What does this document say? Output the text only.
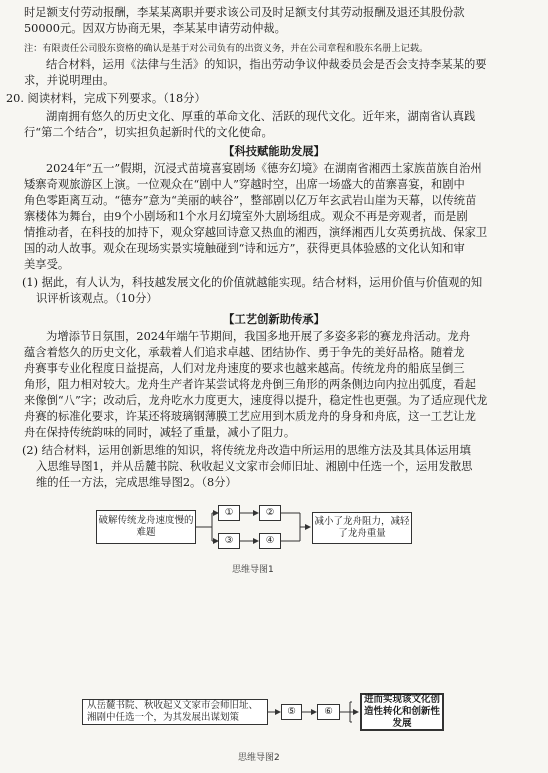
时足额支付劳动报酬，李某某离职并要求该公司及时足额支付其劳动报酬及退还其股份款
50000元。因双方协商无果，李某某申请劳动仲裁。
注：有限责任公司股东资格的确认是基于对公司负有的出资义务，并在公司章程和股东名册上记载。
结合材料，运用《法律与生活》的知识，指出劳动争议仲裁委员会是否会支持李某某的要
求，并说明理由。
20. 阅读材料，完成下列要求。（18分）
湖南拥有悠久的历史文化、厚重的革命文化、活跃的现代文化。近年来，湖南省认真践
行“第二个结合”，切实担负起新时代的文化使命。
【科技赋能助发展】
2024年“五一”假期，沉浸式苗境喜宴剧场《德夯幻境》在湖南省湘西土家族苗族自治州
矮寨奇观旅游区上演。一位观众在“剧中人”穿越时空，出席一场盛大的苗寨喜宴，和剧中
角色零距离互动。“德夯”意为“美丽的峡谷”，整部剧以亿万年玄武岩山崖为天幕，以传统苗
寨楼体为舞台，由9个小剧场和1个水月幻境室外大剧场组成。观众不再是旁观者，而是剧
情推动者，在科技的加持下，观众穿越回诗意又热血的湘西，演绎湘西儿女英勇抗战、保家卫
国的动人故事。观众在现场实景实境触碰到“诗和远方”，获得更具体验感的文化认知和审
美享受。
(1) 据此，有人认为，科技越发展文化的价值就越能实现。结合材料，运用价值与价值观的知
识评析该观点。（10分）
【工艺创新助传承】
为增添节日氛围，2024年端午节期间，我国多地开展了多姿多彩的赛龙舟活动。龙舟
蕴含着悠久的历史文化，承载着人们追求卓越、团结协作、勇于争先的美好品格。随着龙
舟赛事专业化程度日益提高，人们对龙舟速度的要求也越来越高。传统龙舟的船底呈倒三
角形，阻力相对较大。龙舟生产者许某尝试将龙舟倒三角形的两条侧边向内拉出弧度，看起
来像倒“八”字；改动后，龙舟吃水力度更大，速度得以提升，稳定性也更强。为了适应现代龙
舟赛的标准化要求，许某还将玻璃钢薄膜工艺应用到木质龙舟的身身和舟底，这一工艺让龙
舟在保持传统韵味的同时，减轻了重量，减小了阻力。
(2) 结合材料，运用创新思维的知识，将传统龙舟改造中所运用的思维方法及其具体运用填
入思维导图1，并从岳麓书院、秋收起义文家市会师旧址、湘剧中任选一个，运用发散思
维的任一方法，完成思维导图2。（8分）
破解传统龙舟速度慢的难题
①
③
②
④
减小了龙舟阻力，减轻了龙舟重量
思维导图1
从岳麓书院、秋收起义文家市会师旧址、湘剧中任选一个，为其发展出谋划策
⑤	⑥
进而实现该文化创造性转化和创新性发展
思维导图2
